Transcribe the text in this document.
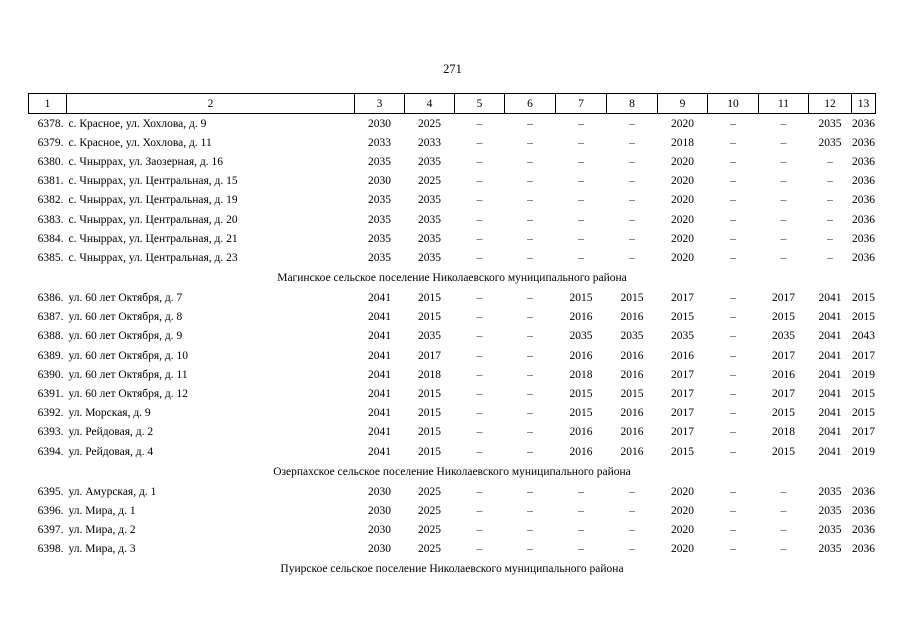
271
1	2	3	4	5	6	7	8	9	10	11	12	13
6378.	с. Красное, ул. Хохлова, д. 9	2030	2025	–	–	–	–	2020	–	–	2035	2036
6379.	с. Красное, ул. Хохлова, д. 11	2033	2033	–	–	–	–	2018	–	–	2035	2036
6380.	с. Чныррах, ул. Заозерная, д. 16	2035	2035	–	–	–	–	2020	–	–	–	2036
6381.	с. Чныррах, ул. Центральная, д. 15	2030	2025	–	–	–	–	2020	–	–	–	2036
6382.	с. Чныррах, ул. Центральная, д. 19	2035	2035	–	–	–	–	2020	–	–	–	2036
6383.	с. Чныррах, ул. Центральная, д. 20	2035	2035	–	–	–	–	2020	–	–	–	2036
6384.	с. Чныррах, ул. Центральная, д. 21	2035	2035	–	–	–	–	2020	–	–	–	2036
6385.	с. Чныррах, ул. Центральная, д. 23	2035	2035	–	–	–	–	2020	–	–	–	2036
Магинское сельское поселение Николаевского муниципального района												
6386.	ул. 60 лет Октября, д. 7	2041	2015	–	–	2015	2015	2017	–	2017	2041	2015
6387.	ул. 60 лет Октября, д. 8	2041	2015	–	–	2016	2016	2015	–	2015	2041	2015
6388.	ул. 60 лет Октября, д. 9	2041	2035	–	–	2035	2035	2035	–	2035	2041	2043
6389.	ул. 60 лет Октября, д. 10	2041	2017	–	–	2016	2016	2016	–	2017	2041	2017
6390.	ул. 60 лет Октября, д. 11	2041	2018	–	–	2018	2016	2017	–	2016	2041	2019
6391.	ул. 60 лет Октября, д. 12	2041	2015	–	–	2015	2015	2017	–	2017	2041	2015
6392.	ул. Морская, д. 9	2041	2015	–	–	2015	2016	2017	–	2015	2041	2015
6393.	ул. Рейдовая, д. 2	2041	2015	–	–	2016	2016	2017	–	2018	2041	2017
6394.	ул. Рейдовая, д. 4	2041	2015	–	–	2016	2016	2015	–	2015	2041	2019
Озерпахское сельское поселение Николаевского муниципального района												
6395.	ул. Амурская, д. 1	2030	2025	–	–	–	–	2020	–	–	2035	2036
6396.	ул. Мира, д. 1	2030	2025	–	–	–	–	2020	–	–	2035	2036
6397.	ул. Мира, д. 2	2030	2025	–	–	–	–	2020	–	–	2035	2036
6398.	ул. Мира, д. 3	2030	2025	–	–	–	–	2020	–	–	2035	2036
Пуирское сельское поселение Николаевского муниципального района												
